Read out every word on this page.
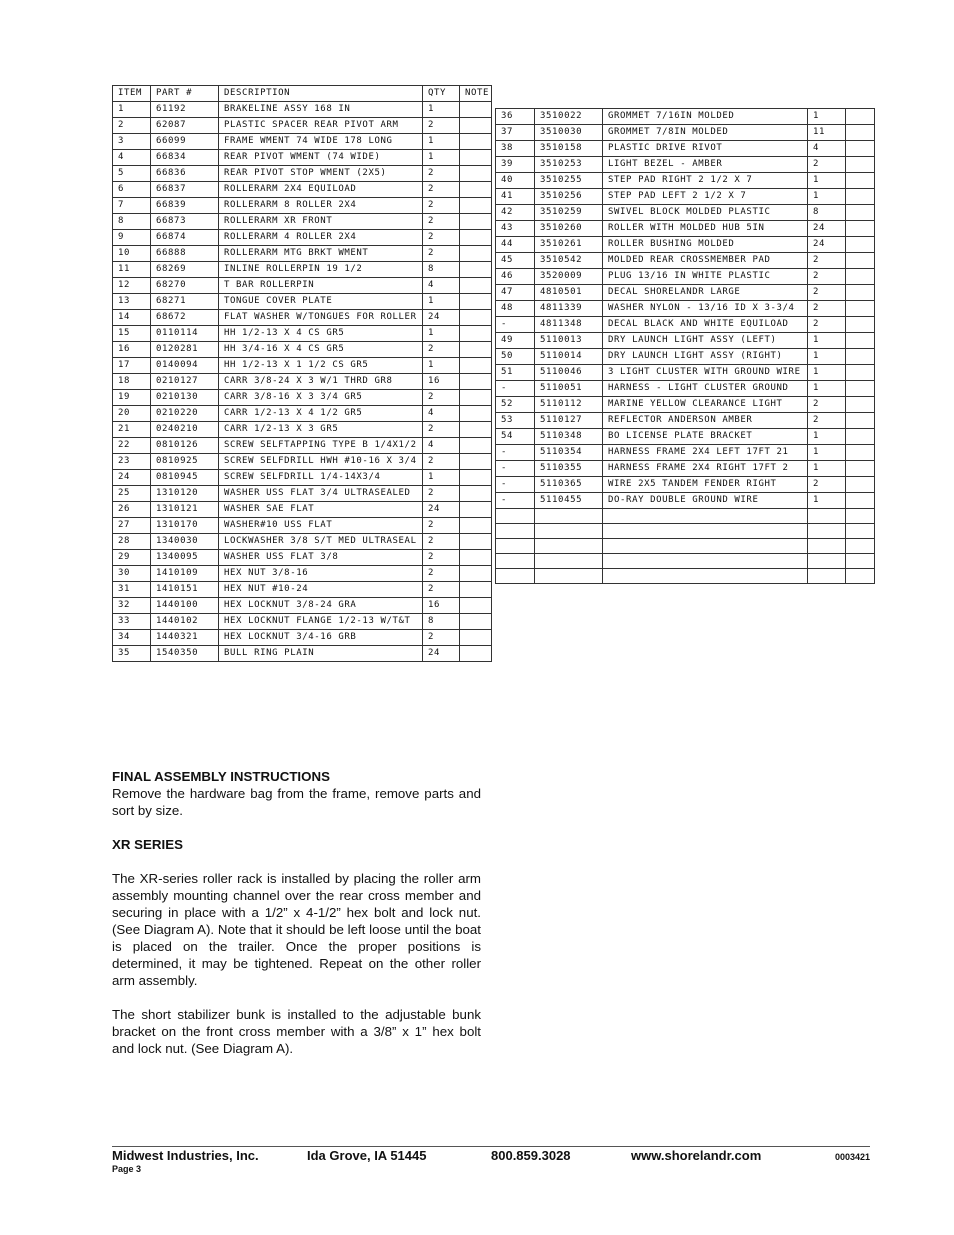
ITEM	PART #	DESCRIPTION	QTY	NOTE
1	61192	BRAKELINE ASSY 168 IN	1	
2	62087	PLASTIC SPACER REAR PIVOT ARM	2	
3	66099	FRAME WMENT 74 WIDE 178 LONG	1	
4	66834	REAR PIVOT WMENT (74 WIDE)	1	
5	66836	REAR PIVOT STOP WMENT (2X5)	2	
6	66837	ROLLERARM 2X4 EQUILOAD	2	
7	66839	ROLLERARM 8 ROLLER 2X4	2	
8	66873	ROLLERARM XR FRONT	2	
9	66874	ROLLERARM 4 ROLLER 2X4	2	
10	66888	ROLLERARM MTG BRKT WMENT	2	
11	68269	INLINE ROLLERPIN 19 1/2	8	
12	68270	T BAR ROLLERPIN	4	
13	68271	TONGUE COVER PLATE	1	
14	68672	FLAT WASHER W/TONGUES FOR ROLLER	24	
15	0110114	HH 1/2-13 X 4 CS GR5	1	
16	0120281	HH 3/4-16 X 4 CS GR5	2	
17	0140094	HH 1/2-13 X 1 1/2 CS GR5	1	
18	0210127	CARR 3/8-24 X 3 W/1 THRD GR8	16	
19	0210130	CARR 3/8-16 X 3 3/4 GR5	2	
20	0210220	CARR 1/2-13 X 4 1/2 GR5	4	
21	0240210	CARR 1/2-13 X 3 GR5	2	
22	0810126	SCREW SELFTAPPING TYPE B 1/4X1/2	4	
23	0810925	SCREW SELFDRILL HWH #10-16 X 3/4	2	
24	0810945	SCREW SELFDRILL 1/4-14X3/4	1	
25	1310120	WASHER USS FLAT 3/4 ULTRASEALED	2	
26	1310121	WASHER SAE FLAT	24	
27	1310170	WASHER#10 USS FLAT	2	
28	1340030	LOCKWASHER 3/8 S/T MED ULTRASEAL	2	
29	1340095	WASHER USS FLAT 3/8	2	
30	1410109	HEX NUT 3/8-16	2	
31	1410151	HEX NUT #10-24	2	
32	1440100	HEX LOCKNUT 3/8-24 GRA	16	
33	1440102	HEX LOCKNUT FLANGE 1/2-13 W/T&T	8	
34	1440321	HEX LOCKNUT 3/4-16 GRB	2	
35	1540350	BULL RING PLAIN	24	
36	3510022	GROMMET 7/16IN MOLDED	1	
37	3510030	GROMMET 7/8IN MOLDED	11	
38	3510158	PLASTIC DRIVE RIVOT	4	
39	3510253	LIGHT BEZEL - AMBER	2	
40	3510255	STEP PAD RIGHT 2 1/2 X 7	1	
41	3510256	STEP PAD LEFT 2 1/2 X 7	1	
42	3510259	SWIVEL BLOCK MOLDED PLASTIC	8	
43	3510260	ROLLER WITH MOLDED HUB 5IN	24	
44	3510261	ROLLER BUSHING MOLDED	24	
45	3510542	MOLDED REAR CROSSMEMBER PAD	2	
46	3520009	PLUG 13/16 IN WHITE PLASTIC	2	
47	4810501	DECAL SHORELANDR LARGE	2	
48	4811339	WASHER NYLON - 13/16 ID X 3-3/4	2	
-	4811348	DECAL BLACK AND WHITE EQUILOAD	2	
49	5110013	DRY LAUNCH LIGHT ASSY (LEFT)	1	
50	5110014	DRY LAUNCH LIGHT ASSY (RIGHT)	1	
51	5110046	3 LIGHT CLUSTER WITH GROUND WIRE	1	
-	5110051	HARNESS - LIGHT CLUSTER GROUND	1	
52	5110112	MARINE YELLOW CLEARANCE LIGHT	2	
53	5110127	REFLECTOR ANDERSON AMBER	2	
54	5110348	BO LICENSE PLATE BRACKET	1	
-	5110354	HARNESS FRAME 2X4 LEFT 17FT 21	1	
-	5110355	HARNESS FRAME 2X4 RIGHT 17FT 2	1	
-	5110365	WIRE 2X5 TANDEM FENDER RIGHT	2	
-	5110455	DO-RAY DOUBLE GROUND WIRE	1	

FINAL ASSEMBLY INSTRUCTIONS

Remove the hardware bag from the frame, remove parts and sort by size.

XR SERIES

The XR-series roller rack is installed by placing the roller arm assembly mounting channel over the rear cross member and securing in place with a 1/2” x 4-1/2” hex bolt and lock nut. (See Diagram A). Note that it should be left loose until the boat is placed on the trailer. Once the proper positions is determined, it may be tightened. Repeat on the other roller arm assembly.

The short stabilizer bunk is installed to the adjustable bunk bracket on the front cross member with a 3/8” x 1” hex bolt and lock nut. (See Diagram A).

Midwest Industries, Inc.	Ida Grove, IA 51445	800.859.3028	www.shorelandr.com
Page 3
0003421
